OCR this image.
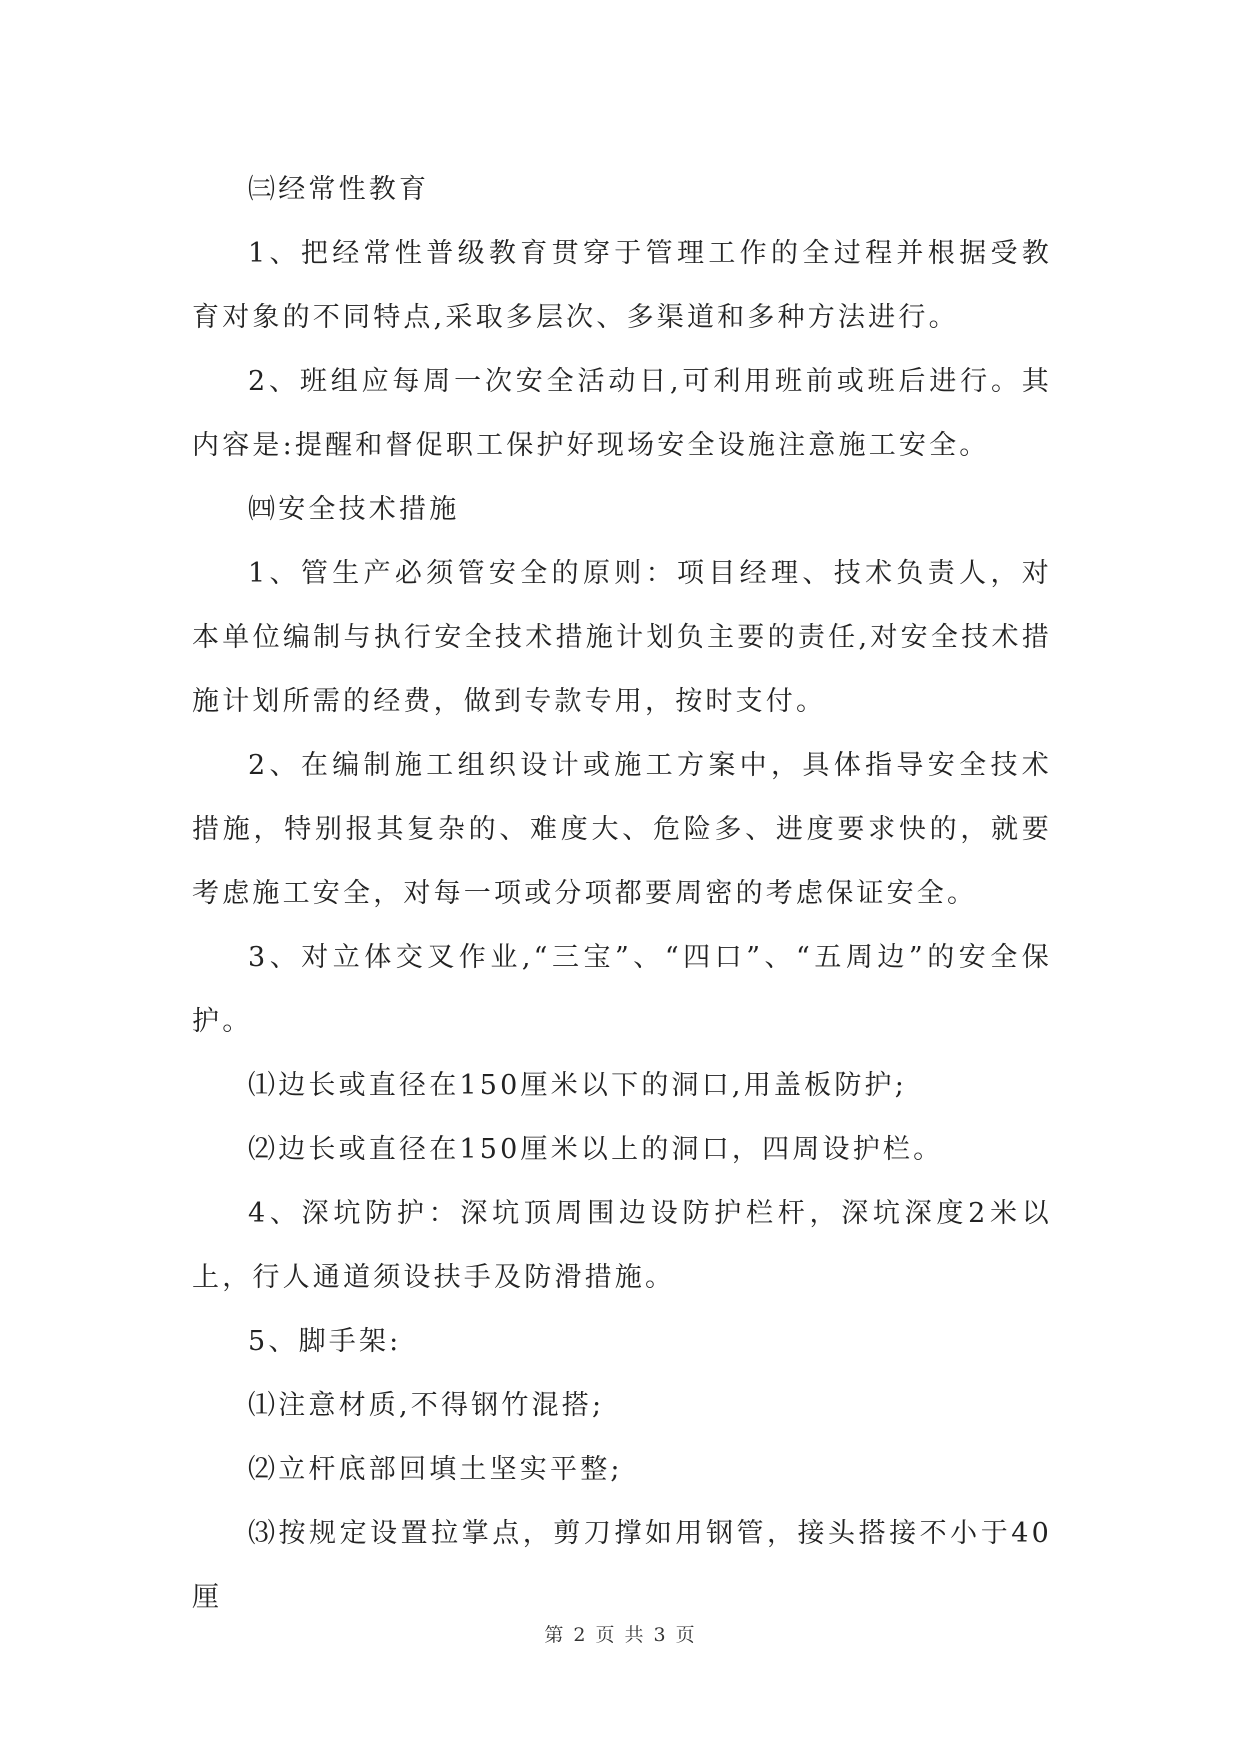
㈢经常性教育

1、把经常性普级教育贯穿于管理工作的全过程并根据受教育对象的不同特点,采取多层次、多渠道和多种方法进行。

2、班组应每周一次安全活动日,可利用班前或班后进行。其内容是:提醒和督促职工保护好现场安全设施注意施工安全。

㈣安全技术措施

1、管生产必须管安全的原则：项目经理、技术负责人，对本单位编制与执行安全技术措施计划负主要的责任,对安全技术措施计划所需的经费，做到专款专用，按时支付。

2、在编制施工组织设计或施工方案中，具体指导安全技术措施，特别报其复杂的、难度大、危险多、进度要求快的，就要考虑施工安全，对每一项或分项都要周密的考虑保证安全。

3、对立体交叉作业,“三宝”、“四口”、“五周边”的安全保护。

⑴边长或直径在150厘米以下的洞口,用盖板防护;

⑵边长或直径在150厘米以上的洞口，四周设护栏。

4、深坑防护：深坑顶周围边设防护栏杆，深坑深度2米以上，行人通道须设扶手及防滑措施。

5、脚手架:

⑴注意材质,不得钢竹混搭;

⑵立杆底部回填土坚实平整;

⑶按规定设置拉掌点，剪刀撑如用钢管，接头搭接不小于40厘

第 2 页 共 3 页
